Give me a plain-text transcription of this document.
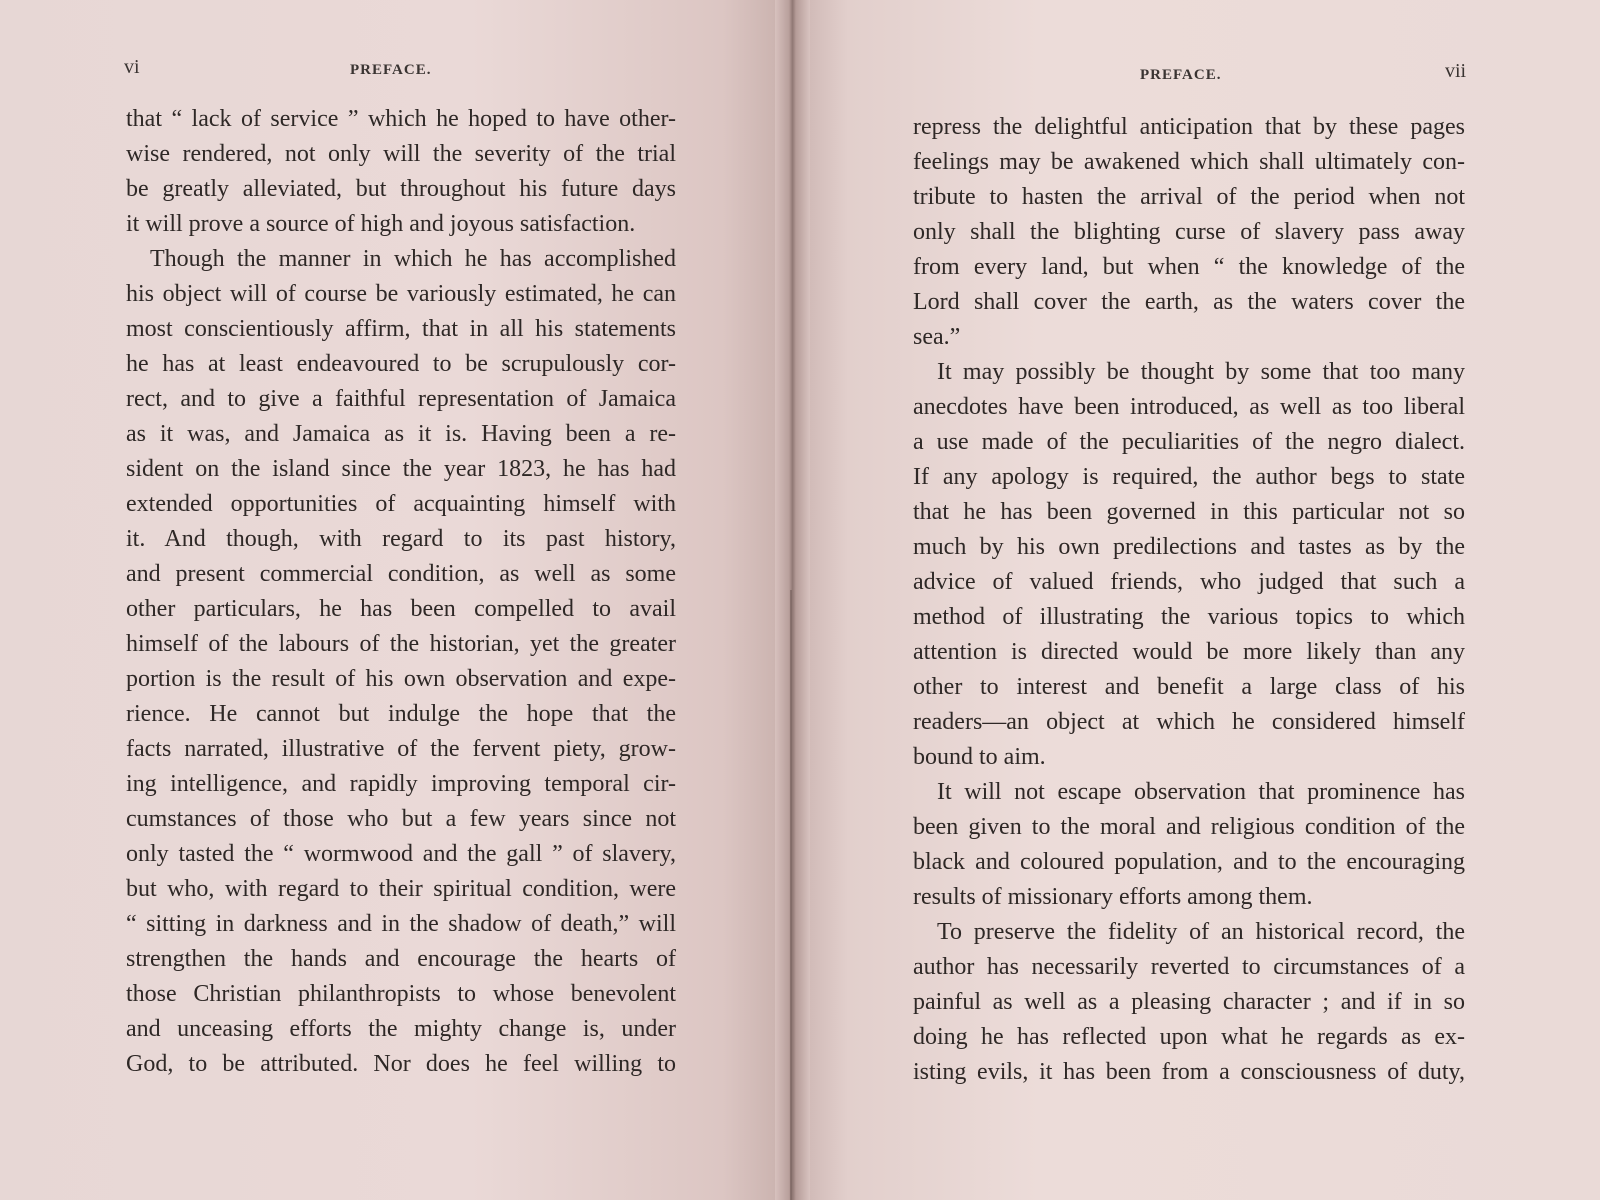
vi	PREFACE.
that “ lack of service ” which he hoped to have other-
wise rendered, not only will the severity of the trial
be greatly alleviated, but throughout his future days
it will prove a source of high and joyous satisfaction.
Though the manner in which he has accomplished
his object will of course be variously estimated, he can
most conscientiously affirm, that in all his statements
he has at least endeavoured to be scrupulously cor-
rect, and to give a faithful representation of Jamaica
as it was, and Jamaica as it is. Having been a re-
sident on the island since the year 1823, he has had
extended opportunities of acquainting himself with
it. And though, with regard to its past history,
and present commercial condition, as well as some
other particulars, he has been compelled to avail
himself of the labours of the historian, yet the greater
portion is the result of his own observation and expe-
rience. He cannot but indulge the hope that the
facts narrated, illustrative of the fervent piety, grow-
ing intelligence, and rapidly improving temporal cir-
cumstances of those who but a few years since not
only tasted the “ wormwood and the gall ” of slavery,
but who, with regard to their spiritual condition, were
“ sitting in darkness and in the shadow of death,” will
strengthen the hands and encourage the hearts of
those Christian philanthropists to whose benevolent
and unceasing efforts the mighty change is, under
God, to be attributed. Nor does he feel willing to
PREFACE.	vii
repress the delightful anticipation that by these pages
feelings may be awakened which shall ultimately con-
tribute to hasten the arrival of the period when not
only shall the blighting curse of slavery pass away
from every land, but when “ the knowledge of the
Lord shall cover the earth, as the waters cover the
sea.”
It may possibly be thought by some that too many
anecdotes have been introduced, as well as too liberal
a use made of the peculiarities of the negro dialect.
If any apology is required, the author begs to state
that he has been governed in this particular not so
much by his own predilections and tastes as by the
advice of valued friends, who judged that such a
method of illustrating the various topics to which
attention is directed would be more likely than any
other to interest and benefit a large class of his
readers—an object at which he considered himself
bound to aim.
It will not escape observation that prominence has
been given to the moral and religious condition of the
black and coloured population, and to the encouraging
results of missionary efforts among them.
To preserve the fidelity of an historical record, the
author has necessarily reverted to circumstances of a
painful as well as a pleasing character ; and if in so
doing he has reflected upon what he regards as ex-
isting evils, it has been from a consciousness of duty,
